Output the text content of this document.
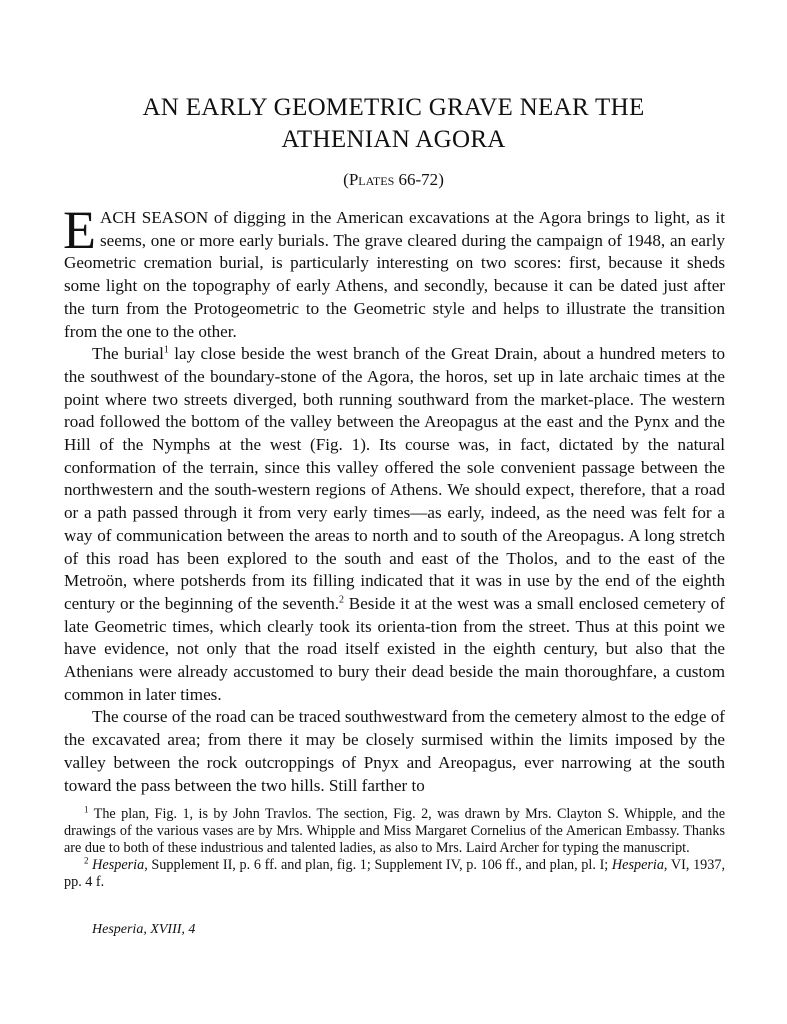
AN EARLY GEOMETRIC GRAVE NEAR THE
ATHENIAN AGORA

(Plates 66-72)

EACH SEASON of digging in the American excavations at the Agora brings to light, as it seems, one or more early burials. The grave cleared during the campaign of 1948, an early Geometric cremation burial, is particularly interesting on two scores: first, because it sheds some light on the topography of early Athens, and secondly, because it can be dated just after the turn from the Protogeometric to the Geometric style and helps to illustrate the transition from the one to the other.

The burial$^1$ lay close beside the west branch of the Great Drain, about a hundred meters to the southwest of the boundary-stone of the Agora, the horos, set up in late archaic times at the point where two streets diverged, both running southward from the market-place. The western road followed the bottom of the valley between the Areopagus at the east and the Pynx and the Hill of the Nymphs at the west (Fig. 1). Its course was, in fact, dictated by the natural conformation of the terrain, since this valley offered the sole convenient passage between the northwestern and the south-western regions of Athens. We should expect, therefore, that a road or a path passed through it from very early times—as early, indeed, as the need was felt for a way of communication between the areas to north and to south of the Areopagus. A long stretch of this road has been explored to the south and east of the Tholos, and to the east of the Metroön, where potsherds from its filling indicated that it was in use by the end of the eighth century or the beginning of the seventh.$^2$ Beside it at the west was a small enclosed cemetery of late Geometric times, which clearly took its orienta-tion from the street. Thus at this point we have evidence, not only that the road itself existed in the eighth century, but also that the Athenians were already accustomed to bury their dead beside the main thoroughfare, a custom common in later times.

The course of the road can be traced southwestward from the cemetery almost to the edge of the excavated area; from there it may be closely surmised within the limits imposed by the valley between the rock outcroppings of Pnyx and Areopagus, ever narrowing at the south toward the pass between the two hills. Still farther to

$^1$ The plan, Fig. 1, is by John Travlos. The section, Fig. 2, was drawn by Mrs. Clayton S. Whipple, and the drawings of the various vases are by Mrs. Whipple and Miss Margaret Cornelius of the American Embassy. Thanks are due to both of these industrious and talented ladies, as also to Mrs. Laird Archer for typing the manuscript.

$^2$ Hesperia, Supplement II, p. 6 ff. and plan, fig. 1; Supplement IV, p. 106 ff., and plan, pl. I; Hesperia, VI, 1937, pp. 4 f.

Hesperia, XVIII, 4
